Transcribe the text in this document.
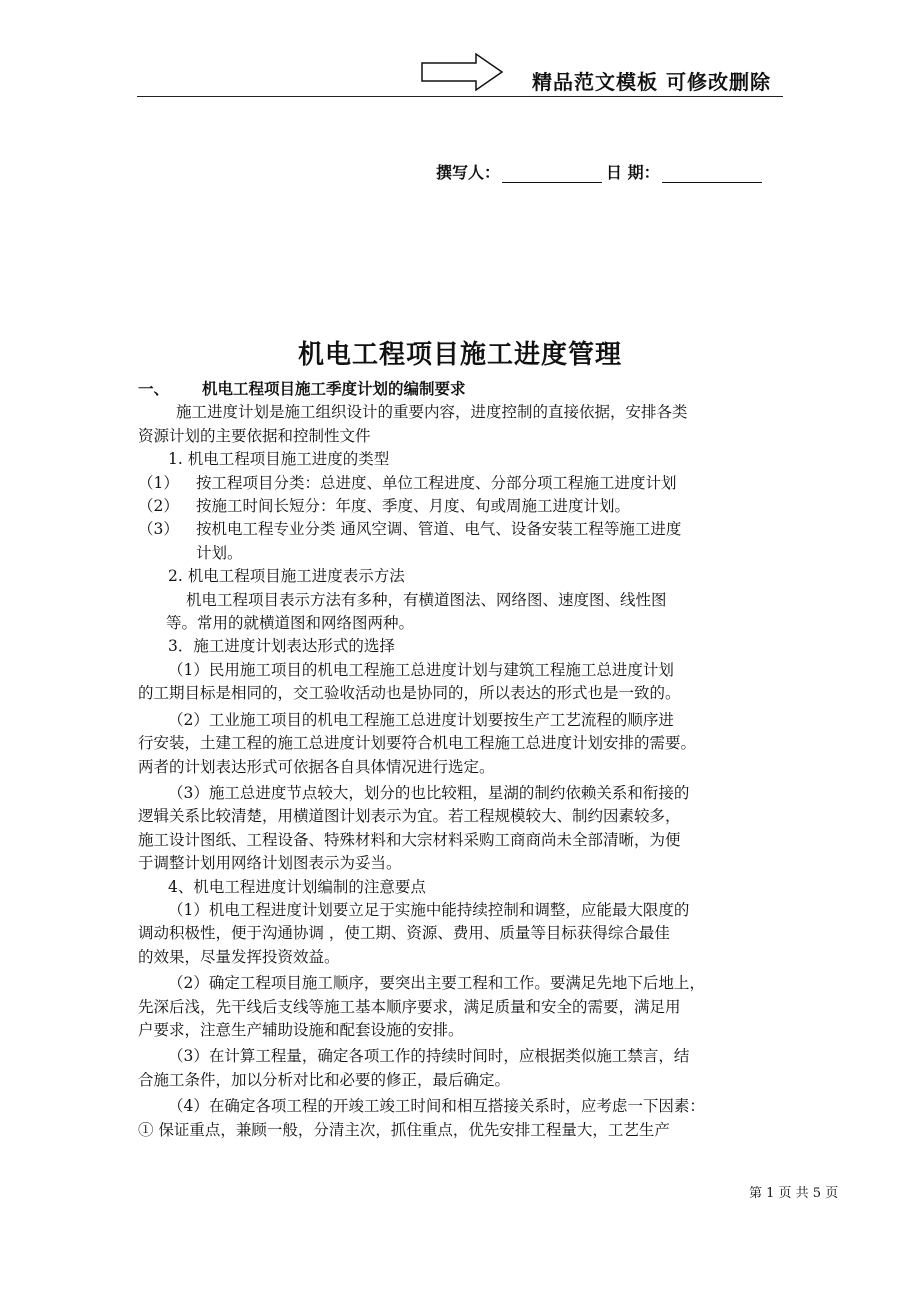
精品范文模板 可修改删除
撰写人：	日 期：
机电工程项目施工进度管理
一、 机电工程项目施工季度计划的编制要求
施工进度计划是施工组织设计的重要内容，进度控制的直接依据，安排各类
资源计划的主要依据和控制性文件
1. 机电工程项目施工进度的类型
（1） 按工程项目分类：总进度、单位工程进度、分部分项工程施工进度计划
（2） 按施工时间长短分：年度、季度、月度、旬或周施工进度计划。
（3） 按机电工程专业分类 通风空调、管道、电气、设备安装工程等施工进度
计划。
2. 机电工程项目施工进度表示方法
机电工程项目表示方法有多种，有横道图法、网络图、速度图、线性图
等。常用的就横道图和网络图两种。
3．施工进度计划表达形式的选择
（1）民用施工项目的机电工程施工总进度计划与建筑工程施工总进度计划
的工期目标是相同的，交工验收活动也是协同的，所以表达的形式也是一致的。
（2）工业施工项目的机电工程施工总进度计划要按生产工艺流程的顺序进
行安装，土建工程的施工总进度计划要符合机电工程施工总进度计划安排的需要。
两者的计划表达形式可依据各自具体情况进行选定。
（3）施工总进度节点较大，划分的也比较粗，星湖的制约依赖关系和衔接的
逻辑关系比较清楚，用横道图计划表示为宜。若工程规模较大、制约因素较多，
施工设计图纸、工程设备、特殊材料和大宗材料采购工商商尚未全部清晰，为便
于调整计划用网络计划图表示为妥当。
4、机电工程进度计划编制的注意要点
（1）机电工程进度计划要立足于实施中能持续控制和调整，应能最大限度的
调动积极性，便于沟通协调 ，使工期、资源、费用、质量等目标获得综合最佳
的效果，尽量发挥投资效益。
（2）确定工程项目施工顺序，要突出主要工程和工作。要满足先地下后地上，
先深后浅，先干线后支线等施工基本顺序要求，满足质量和安全的需要，满足用
户要求，注意生产辅助设施和配套设施的安排。
（3）在计算工程量，确定各项工作的持续时间时，应根据类似施工禁言，结
合施工条件，加以分析对比和必要的修正，最后确定。
（4）在确定各项工程的开竣工竣工时间和相互搭接关系时，应考虑一下因素：
① 保证重点，兼顾一般，分清主次，抓住重点，优先安排工程量大，工艺生产
第 1 页 共 5 页
